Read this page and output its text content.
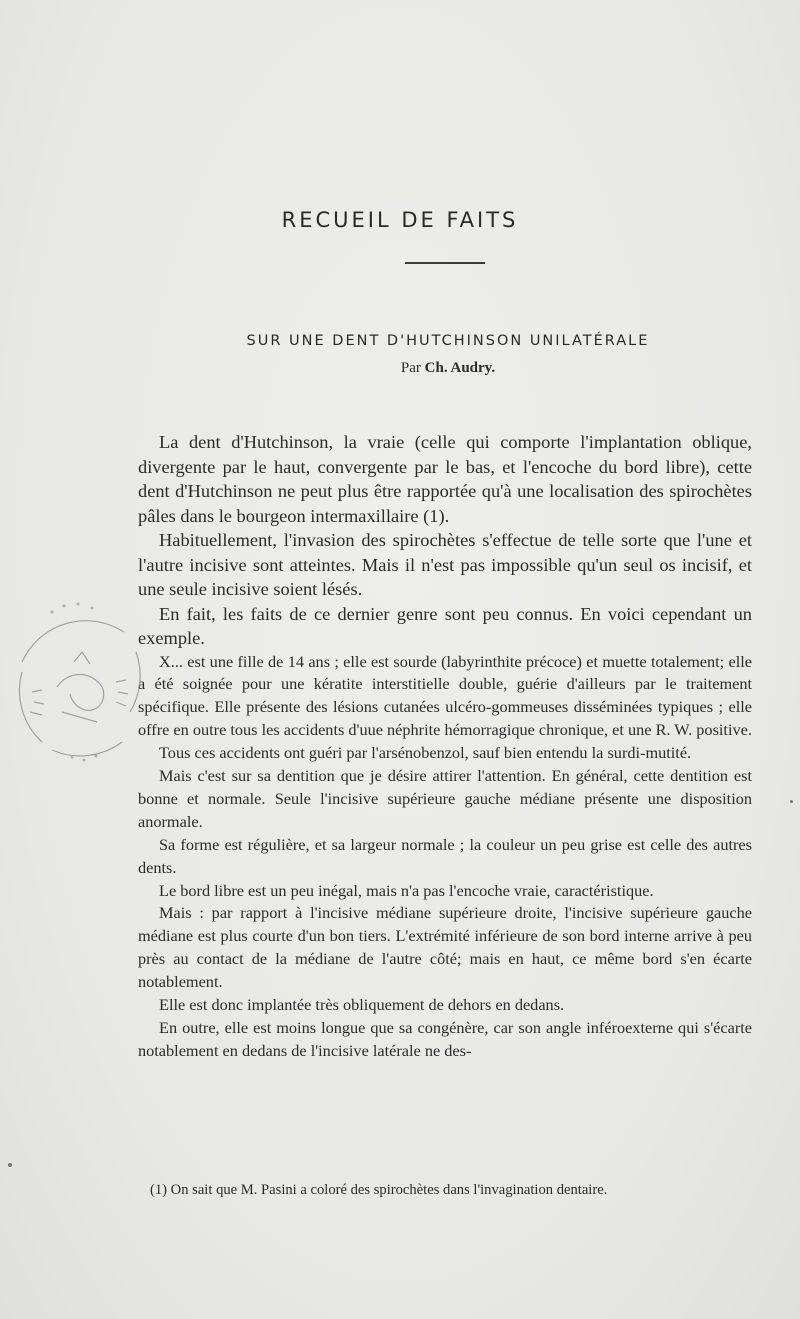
RECUEIL DE FAITS
SUR UNE DENT D'HUTCHINSON UNILATÉRALE
Par Ch. Audry.

La dent d'Hutchinson, la vraie (celle qui comporte l'implantation oblique, divergente par le haut, convergente par le bas, et l'encoche du bord libre), cette dent d'Hutchinson ne peut plus être rapportée qu'à une localisation des spirochètes pâles dans le bourgeon intermaxillaire (1).

Habituellement, l'invasion des spirochètes s'effectue de telle sorte que l'une et l'autre incisive sont atteintes. Mais il n'est pas impossible qu'un seul os incisif, et une seule incisive soient lésés.

En fait, les faits de ce dernier genre sont peu connus. En voici cependant un exemple.

X... est une fille de 14 ans ; elle est sourde (labyrinthite précoce) et muette totalement; elle a été soignée pour une kératite interstitielle double, guérie d'ailleurs par le traitement spécifique. Elle présente des lésions cutanées ulcéro-gommeuses disséminées typiques ; elle offre en outre tous les accidents d'uue néphrite hémorragique chronique, et une R. W. positive.

Tous ces accidents ont guéri par l'arsénobenzol, sauf bien entendu la surdi-mutité.

Mais c'est sur sa dentition que je désire attirer l'attention. En général, cette dentition est bonne et normale. Seule l'incisive supérieure gauche médiane présente une disposition anormale.

Sa forme est régulière, et sa largeur normale ; la couleur un peu grise est celle des autres dents.

Le bord libre est un peu inégal, mais n'a pas l'encoche vraie, caractéristique.

Mais : par rapport à l'incisive médiane supérieure droite, l'incisive supérieure gauche médiane est plus courte d'un bon tiers. L'extrémité inférieure de son bord interne arrive à peu près au contact de la médiane de l'autre côté; mais en haut, ce même bord s'en écarte notablement.

Elle est donc implantée très obliquement de dehors en dedans.

En outre, elle est moins longue que sa congénère, car son angle inféroexterne qui s'écarte notablement en dedans de l'incisive latérale ne des-

(1) On sait que M. Pasini a coloré des spirochètes dans l'invagination dentaire.
